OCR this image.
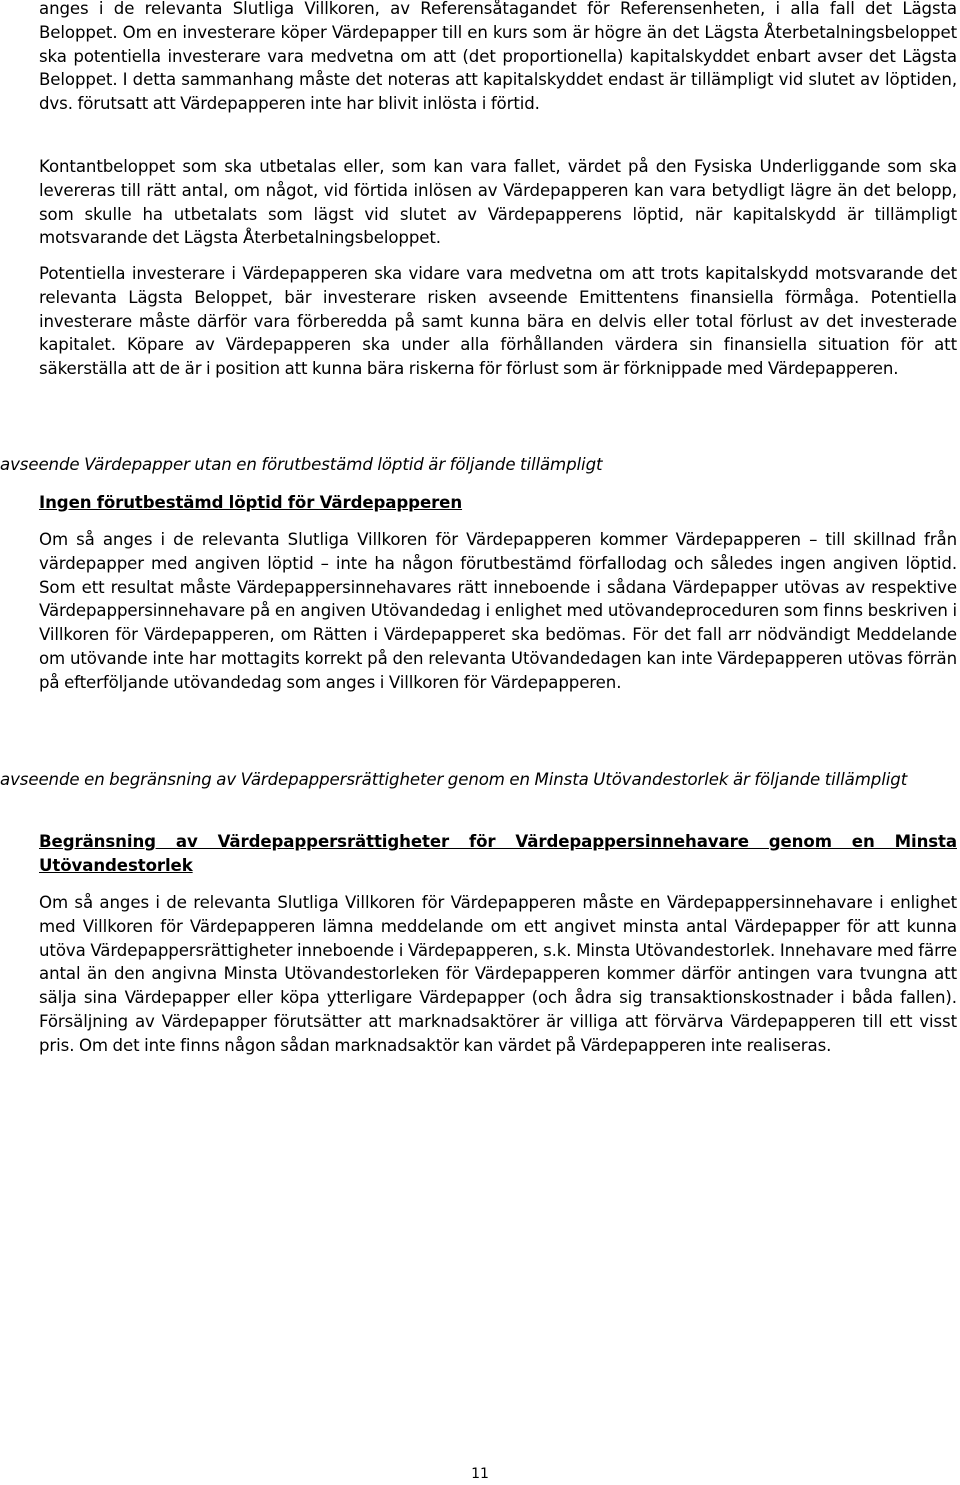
anges i de relevanta Slutliga Villkoren, av Referensåtagandet för Referensenheten, i alla fall det Lägsta Beloppet. Om en investerare köper Värdepapper till en kurs som är högre än det Lägsta Återbetalningsbeloppet ska potentiella investerare vara medvetna om att (det proportionella) kapitalskyddet enbart avser det Lägsta Beloppet. I detta sammanhang måste det noteras att kapitalskyddet endast är tillämpligt vid slutet av löptiden, dvs. förutsatt att Värdepapperen inte har blivit inlösta i förtid.

Kontantbeloppet som ska utbetalas eller, som kan vara fallet, värdet på den Fysiska Underliggande som ska levereras till rätt antal, om något, vid förtida inlösen av Värdepapperen kan vara betydligt lägre än det belopp, som skulle ha utbetalats som lägst vid slutet av Värdepapperens löptid, när kapitalskydd är tillämpligt motsvarande det Lägsta Återbetalningsbeloppet.

Potentiella investerare i Värdepapperen ska vidare vara medvetna om att trots kapitalskydd motsvarande det relevanta Lägsta Beloppet, bär investerare risken avseende Emittentens finansiella förmåga. Potentiella investerare måste därför vara förberedda på samt kunna bära en delvis eller total förlust av det investerade kapitalet. Köpare av Värdepapperen ska under alla förhållanden värdera sin finansiella situation för att säkerställa att de är i position att kunna bära riskerna för förlust som är förknippade med Värdepapperen.

avseende Värdepapper utan en förutbestämd löptid är följande tillämpligt

Ingen förutbestämd löptid för Värdepapperen

Om så anges i de relevanta Slutliga Villkoren för Värdepapperen kommer Värdepapperen – till skillnad från värdepapper med angiven löptid – inte ha någon förutbestämd förfallodag och således ingen angiven löptid. Som ett resultat måste Värdepappersinnehavares rätt inneboende i sådana Värdepapper utövas av respektive Värdepappersinnehavare på en angiven Utövandedag i enlighet med utövandeproceduren som finns beskriven i Villkoren för Värdepapperen, om Rätten i Värdepapperet ska bedömas. För det fall arr nödvändigt Meddelande om utövande inte har mottagits korrekt på den relevanta Utövandedagen kan inte Värdepapperen utövas förrän på efterföljande utövandedag som anges i Villkoren för Värdepapperen.

avseende en begränsning av Värdepappersrättigheter genom en Minsta Utövandestorlek är följande tillämpligt

Begränsning av Värdepappersrättigheter för Värdepappersinnehavare genom en Minsta Utövandestorlek

Om så anges i de relevanta Slutliga Villkoren för Värdepapperen måste en Värdepappersinnehavare i enlighet med Villkoren för Värdepapperen lämna meddelande om ett angivet minsta antal Värdepapper för att kunna utöva Värdepappersrättigheter inneboende i Värdepapperen, s.k. Minsta Utövandestorlek. Innehavare med färre antal än den angivna Minsta Utövandestorleken för Värdepapperen kommer därför antingen vara tvungna att sälja sina Värdepapper eller köpa ytterligare Värdepapper (och ådra sig transaktionskostnader i båda fallen). Försäljning av Värdepapper förutsätter att marknadsaktörer är villiga att förvärva Värdepapperen till ett visst pris. Om det inte finns någon sådan marknadsaktör kan värdet på Värdepapperen inte realiseras.

11
